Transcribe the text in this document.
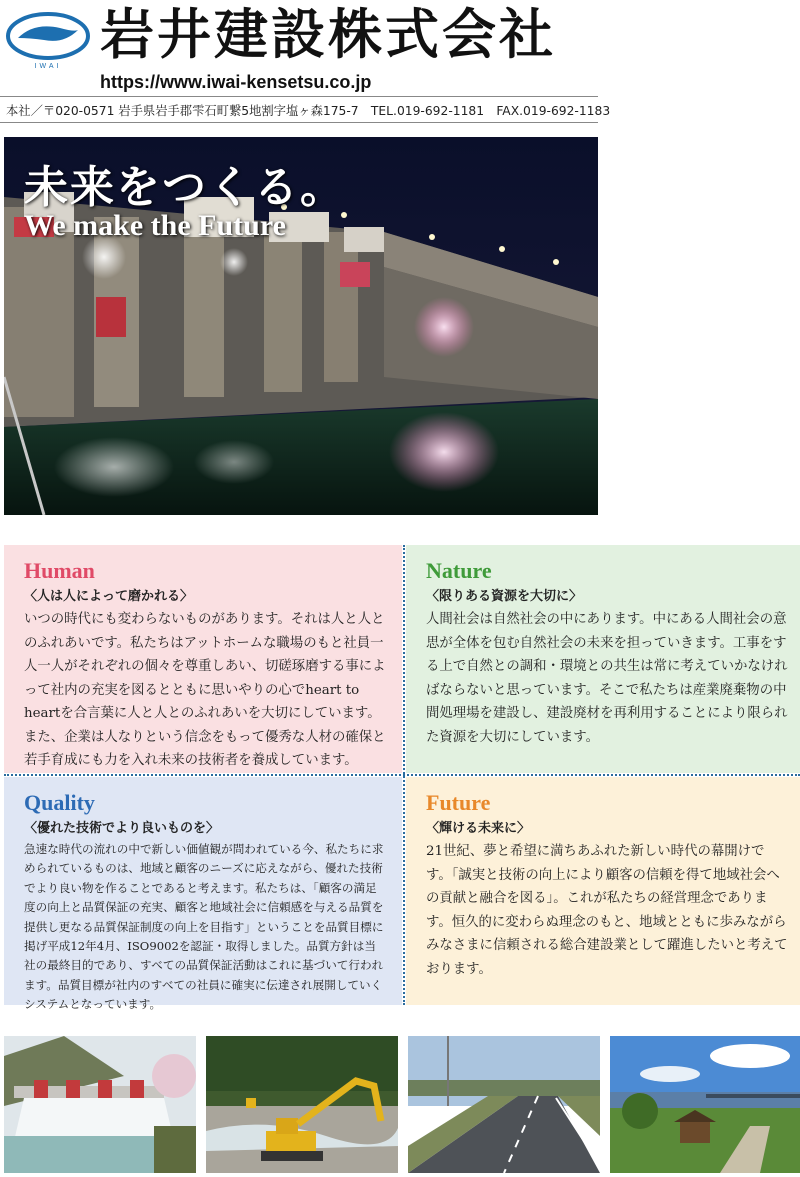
IWAI
岩井建設株式会社
https://www.iwai-kensetsu.co.jp
本社／〒020-0571 岩手県岩手郡雫石町繋5地割字塩ヶ森175-7　TEL.019-692-1181　FAX.019-692-1183
未来をつくる。
We make the Future
Human
〈人は人によって磨かれる〉
いつの時代にも変わらないものがあります。それは人と人とのふれあいです。私たちはアットホームな職場のもと社員一人一人がそれぞれの個々を尊重しあい、切磋琢磨する事によって社内の充実を図るとともに思いやりの心でheart to heartを合言葉に人と人とのふれあいを大切にしています。また、企業は人なりという信念をもって優秀な人材の確保と若手育成にも力を入れ未来の技術者を養成しています。
Nature
〈限りある資源を大切に〉
人間社会は自然社会の中にあります。中にある人間社会の意思が全体を包む自然社会の未来を担っていきます。工事をする上で自然との調和・環境との共生は常に考えていかなければならないと思っています。そこで私たちは産業廃棄物の中間処理場を建設し、建設廃材を再利用することにより限られた資源を大切にしています。
Quality
〈優れた技術でより良いものを〉
急速な時代の流れの中で新しい価値観が問われている今、私たちに求められているものは、地域と顧客のニーズに応えながら、優れた技術でより良い物を作ることであると考えます。私たちは、「顧客の満足度の向上と品質保証の充実、顧客と地域社会に信頼感を与える品質を提供し更なる品質保証制度の向上を目指す」ということを品質目標に掲げ平成12年4月、ISO9002を認証・取得しました。品質方針は当社の最終目的であり、すべての品質保証活動はこれに基づいて行われます。品質目標が社内のすべての社員に確実に伝達され展開していくシステムとなっています。
Future
〈輝ける未来に〉
21世紀、夢と希望に満ちあふれた新しい時代の幕開けです。「誠実と技術の向上により顧客の信頼を得て地域社会への貢献と融合を図る」。これが私たちの経営理念であります。恒久的に変わらぬ理念のもと、地域とともに歩みながらみなさまに信頼される総合建設業として躍進したいと考えております。
